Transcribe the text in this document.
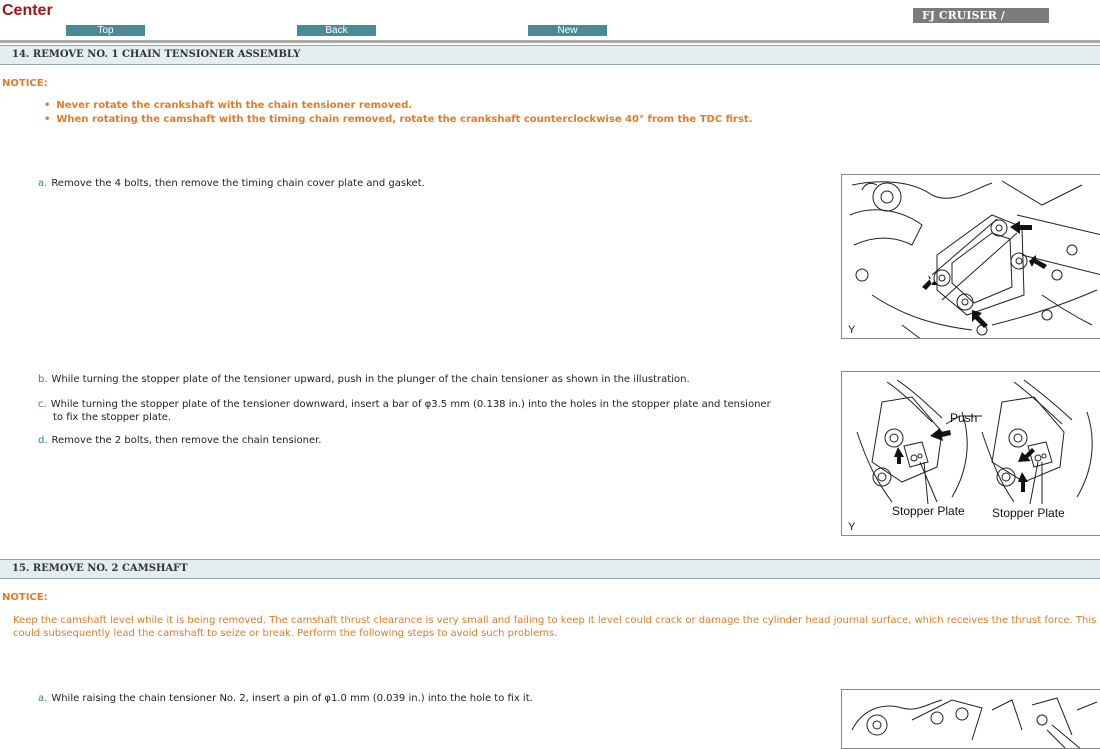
Center
Top	Back	New
FJ CRUISER /
14. REMOVE NO. 1 CHAIN TENSIONER ASSEMBLY
NOTICE:
• Never rotate the crankshaft with the chain tensioner removed.
• When rotating the camshaft with the timing chain removed, rotate the crankshaft counterclockwise 40° from the TDC first.
a. Remove the 4 bolts, then remove the timing chain cover plate and gasket.
Y
b. While turning the stopper plate of the tensioner upward, push in the plunger of the chain tensioner as shown in the illustration.
c. While turning the stopper plate of the tensioner downward, insert a bar of φ3.5 mm (0.138 in.) into the holes in the stopper plate and tensioner
to fix the stopper plate.
d. Remove the 2 bolts, then remove the chain tensioner.
Push
Stopper Plate Stopper Plate
Y
15. REMOVE NO. 2 CAMSHAFT
NOTICE:
Keep the camshaft level while it is being removed. The camshaft thrust clearance is very small and failing to keep it level could crack or damage the cylinder head journal surface, which receives the thrust force. This could subsequently lead the camshaft to seize or break. Perform the following steps to avoid such problems.
a. While raising the chain tensioner No. 2, insert a pin of φ1.0 mm (0.039 in.) into the hole to fix it.
